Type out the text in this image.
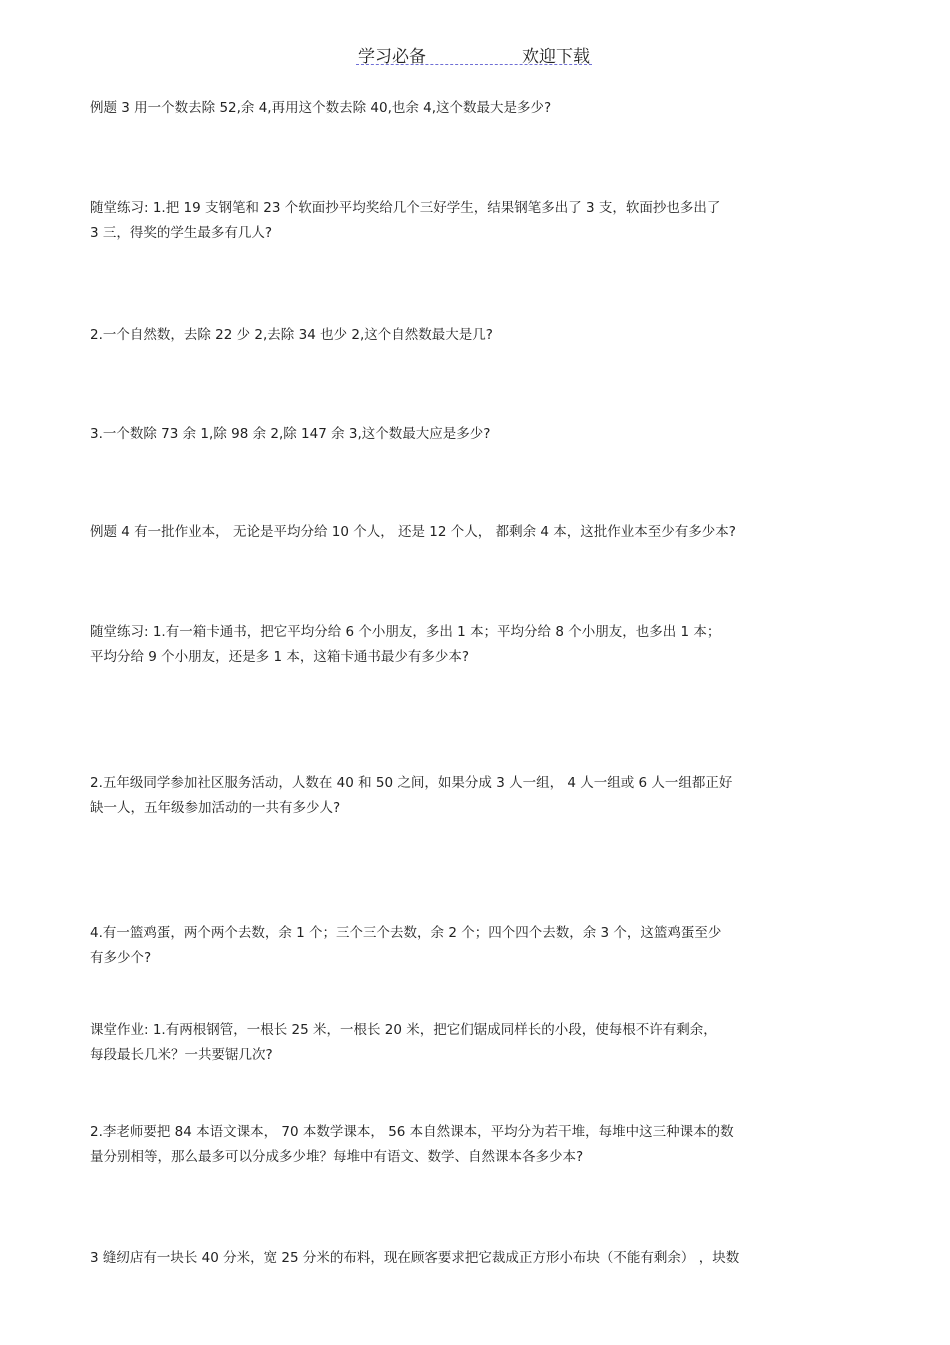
学习必备	欢迎下载
例题 3 用一个数去除 52,余 4,再用这个数去除 40,也余 4,这个数最大是多少?
随堂练习: 1.把 19 支钢笔和 23 个软面抄平均奖给几个三好学生，结果钢笔多出了 3 支，软面抄也多出了
3 三，得奖的学生最多有几人?
2.一个自然数，去除 22 少 2,去除 34 也少 2,这个自然数最大是几?
3.一个数除 73 余 1,除 98 余 2,除 147 余 3,这个数最大应是多少?
例题 4 有一批作业本， 无论是平均分给 10 个人， 还是 12 个人， 都剩余 4 本，这批作业本至少有多少本?
随堂练习: 1.有一箱卡通书，把它平均分给 6 个小朋友，多出 1 本；平均分给 8 个小朋友，也多出 1 本；
平均分给 9 个小朋友，还是多 1 本，这箱卡通书最少有多少本?
2.五年级同学参加社区服务活动，人数在 40 和 50 之间，如果分成 3 人一组， 4 人一组或 6 人一组都正好
缺一人，五年级参加活动的一共有多少人?
4.有一篮鸡蛋，两个两个去数，余 1 个；三个三个去数，余 2 个；四个四个去数，余 3 个，这篮鸡蛋至少
有多少个?
课堂作业: 1.有两根钢管，一根长 25 米，一根长 20 米，把它们锯成同样长的小段，使每根不许有剩余，
每段最长几米？一共要锯几次?
2.李老师要把 84 本语文课本， 70 本数学课本， 56 本自然课本，平均分为若干堆，每堆中这三种课本的数
量分别相等，那么最多可以分成多少堆？每堆中有语文、数学、自然课本各多少本?
3 缝纫店有一块长 40 分米，宽 25 分米的布料，现在顾客要求把它裁成正方形小布块（不能有剩余） ，块数
